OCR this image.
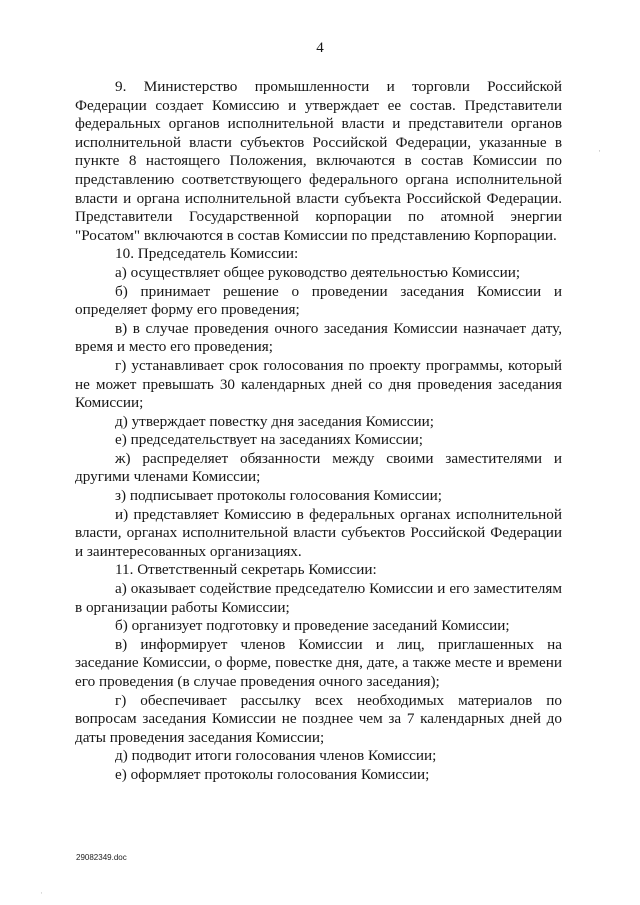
4

9. Министерство промышленности и торговли Российской Федерации создает Комиссию и утверждает ее состав. Представители федеральных органов исполнительной власти и представители органов исполнительной власти субъектов Российской Федерации, указанные в пункте 8 настоящего Положения, включаются в состав Комиссии по представлению соответствующего федерального органа исполнительной власти и органа исполнительной власти субъекта Российской Федерации. Представители Государственной корпорации по атомной энергии "Росатом" включаются в состав Комиссии по представлению Корпорации.

10. Председатель Комиссии:

а) осуществляет общее руководство деятельностью Комиссии;

б) принимает решение о проведении заседания Комиссии и определяет форму его проведения;

в) в случае проведения очного заседания Комиссии назначает дату, время и место его проведения;

г) устанавливает срок голосования по проекту программы, который не может превышать 30 календарных дней со дня проведения заседания Комиссии;

д) утверждает повестку дня заседания Комиссии;

е) председательствует на заседаниях Комиссии;

ж) распределяет обязанности между своими заместителями и другими членами Комиссии;

з) подписывает протоколы голосования Комиссии;

и) представляет Комиссию в федеральных органах исполнительной власти, органах исполнительной власти субъектов Российской Федерации и заинтересованных организациях.

11. Ответственный секретарь Комиссии:

а) оказывает содействие председателю Комиссии и его заместителям в организации работы Комиссии;

б) организует подготовку и проведение заседаний Комиссии;

в) информирует членов Комиссии и лиц, приглашенных на заседание Комиссии, о форме, повестке дня, дате, а также месте и времени его проведения (в случае проведения очного заседания);

г) обеспечивает рассылку всех необходимых материалов по вопросам заседания Комиссии не позднее чем за 7 календарных дней до даты проведения заседания Комиссии;

д) подводит итоги голосования членов Комиссии;

е) оформляет протоколы голосования Комиссии;

29082349.doc
·
·
